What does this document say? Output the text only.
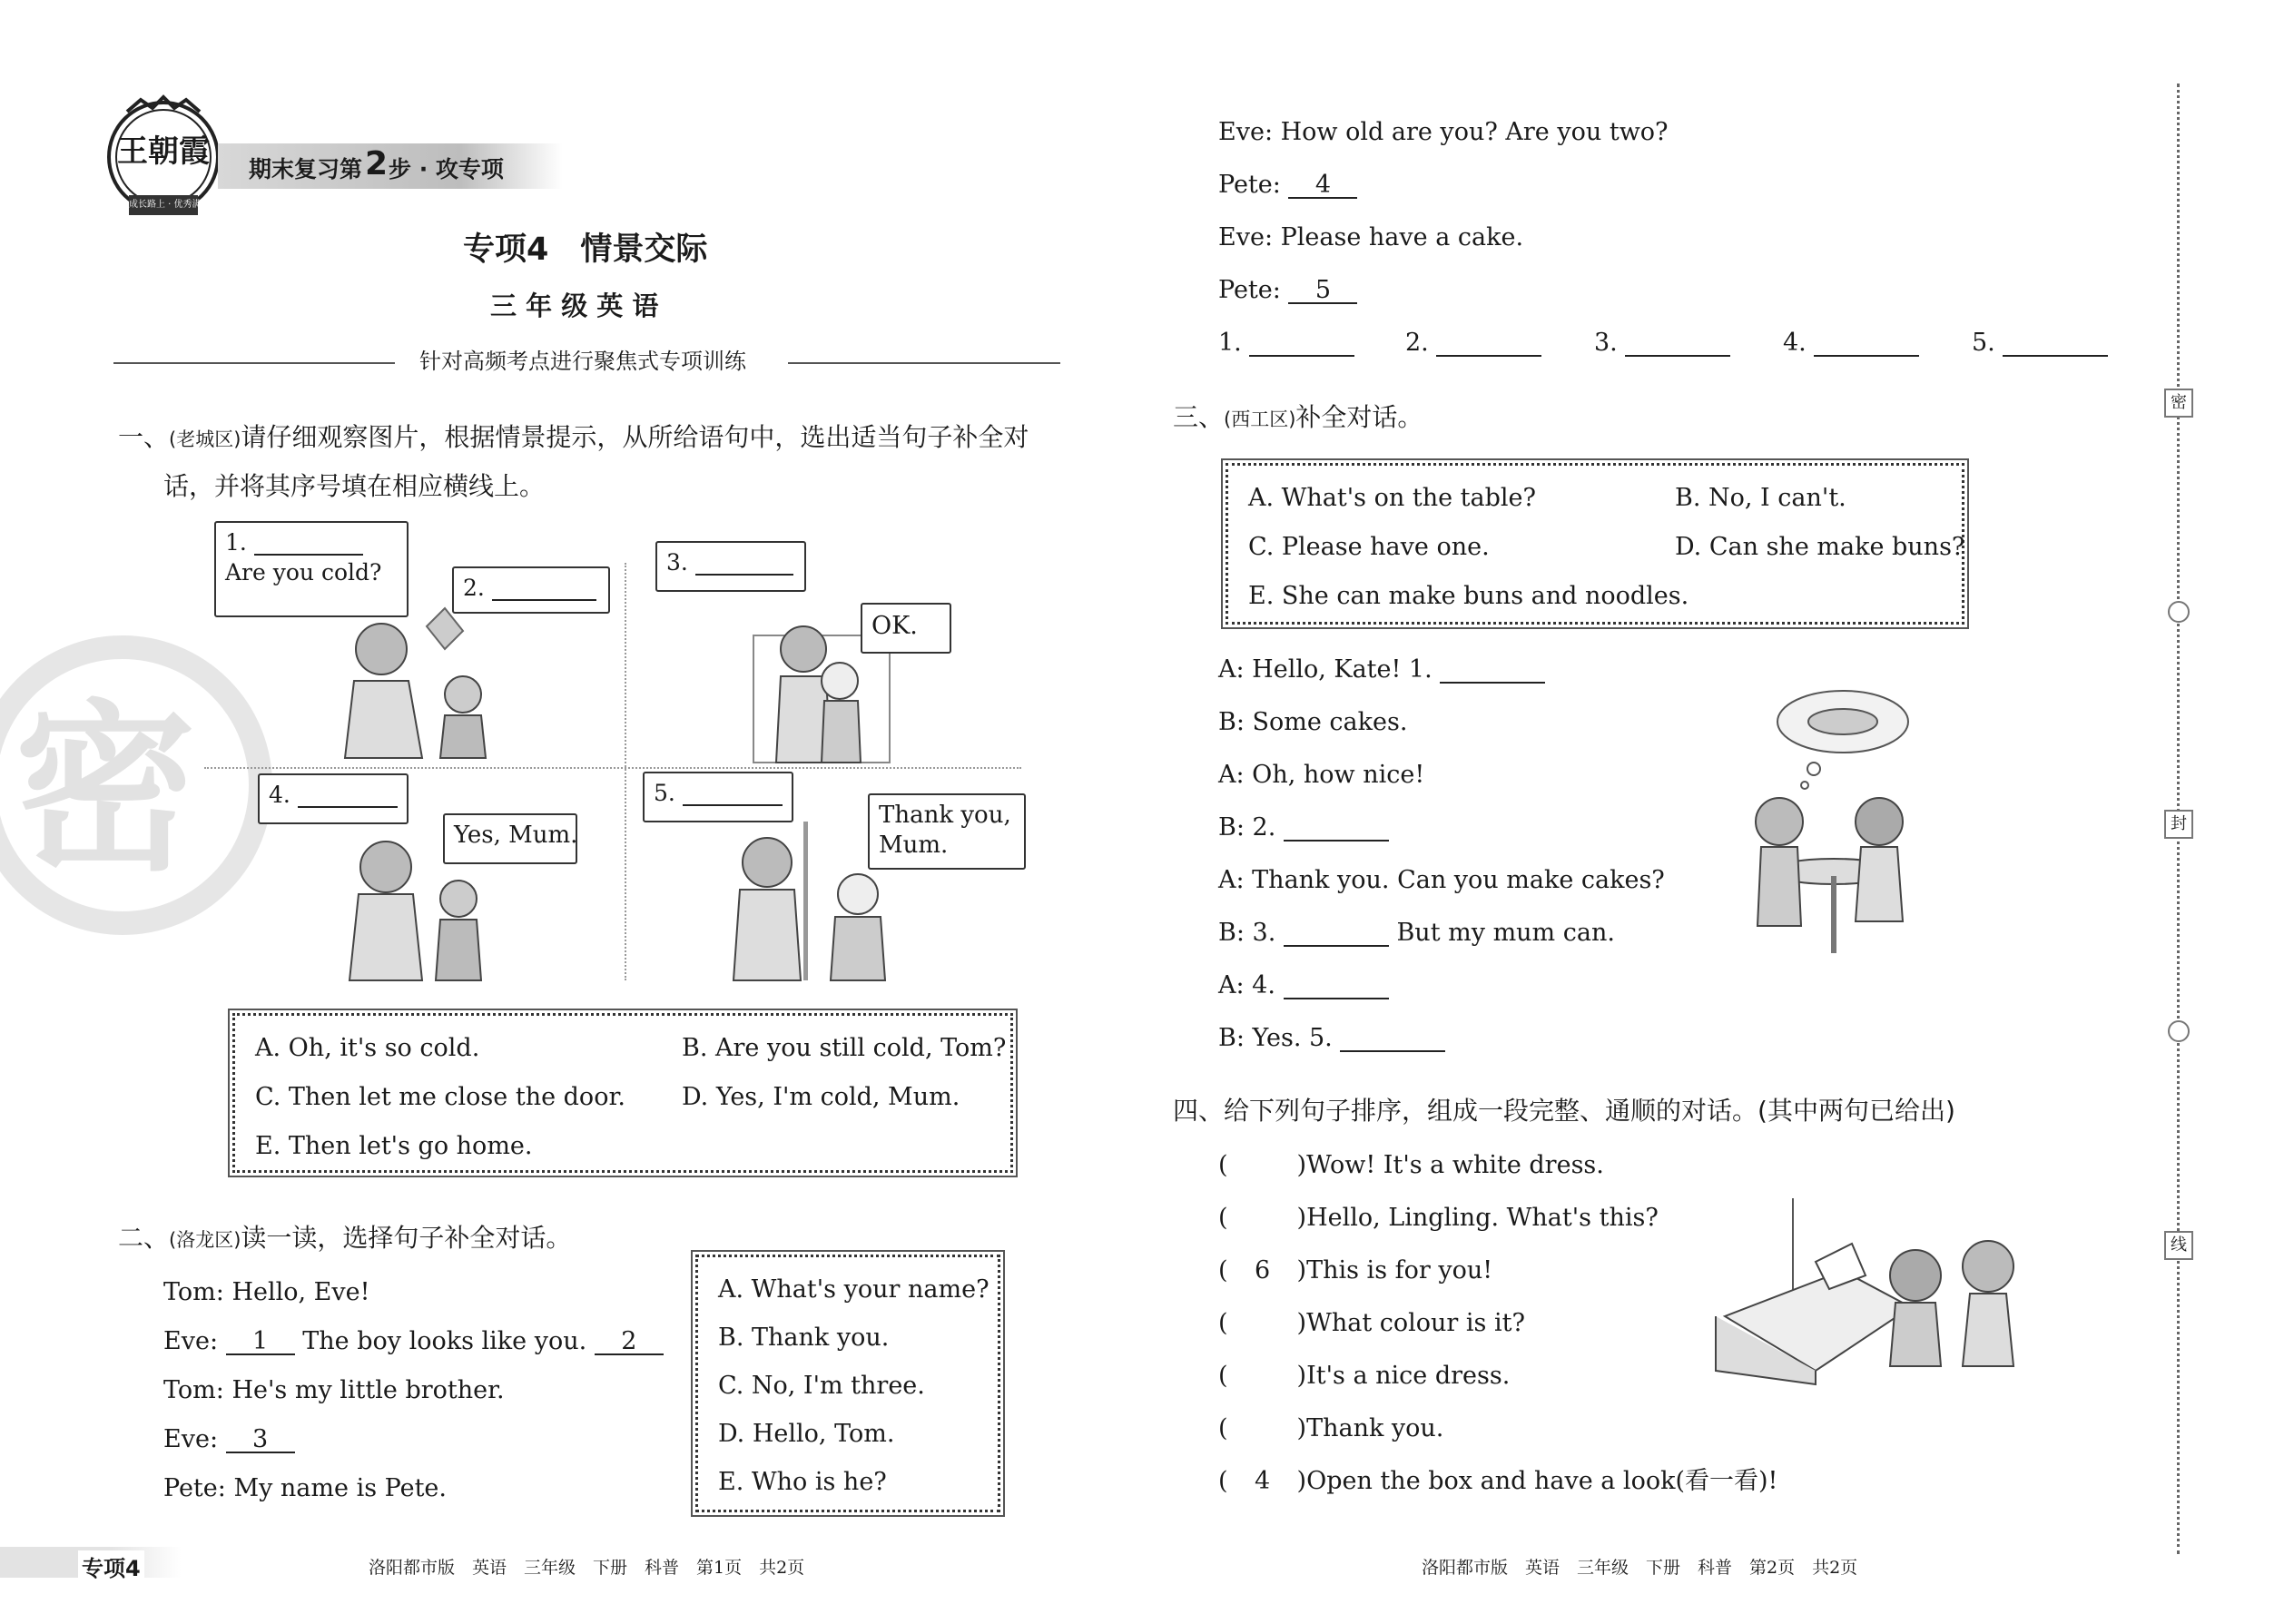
密
王朝霞
成长路上 · 优秀满天
期末复习第 2 步 · 攻专项
专项4　情景交际
三 年 级 英 语
针对高频考点进行聚焦式专项训练
一、(老城区)请仔细观察图片，根据情景提示，从所给语句中，选出适当句子补全对
话，并将其序号填在相应横线上。
1.
Are you cold?
2.
3.
OK.
4.
Yes, Mum.
5.
Thank you,
Mum.
A. Oh, it's so cold.	B. Are you still cold, Tom?
C. Then let me close the door. D. Yes, I'm cold, Mum.
E. Then let's go home.
二、(洛龙区)读一读，选择句子补全对话。
Tom: Hello, Eve!
Eve: 1 The boy looks like you. 2
Tom: He's my little brother.
Eve: 3
Pete: My name is Pete.
A. What's your name?
B. Thank you.
C. No, I'm three.
D. Hello, Tom.
E. Who is he?
专项4	洛阳都市版　英语　三年级　下册　科普　第1页　共2页
Eve: How old are you? Are you two?
Pete: 4
Eve: Please have a cake.
Pete: 5
1.	2.	3.	4.	5.
三、(西工区)补全对话。
A. What's on the table?	B. No, I can't.
C. Please have one.	D. Can she make buns?
E. She can make buns and noodles.
A: Hello, Kate! 1.
B: Some cakes.
A: Oh, how nice!
B: 2.
A: Thank you. Can you make cakes?
B: 3.	But my mum can.
A: 4.
B: Yes. 5.
四、给下列句子排序，组成一段完整、通顺的对话。(其中两句已给出)
(	)Wow! It's a white dress.
(	)Hello, Lingling. What's this?
( 6 )This is for you!
(	)What colour is it?
(	)It's a nice dress.
(	)Thank you.
( 4 )Open the box and have a look(看一看)!
洛阳都市版　英语　三年级　下册　科普　第2页　共2页
密
封
线
